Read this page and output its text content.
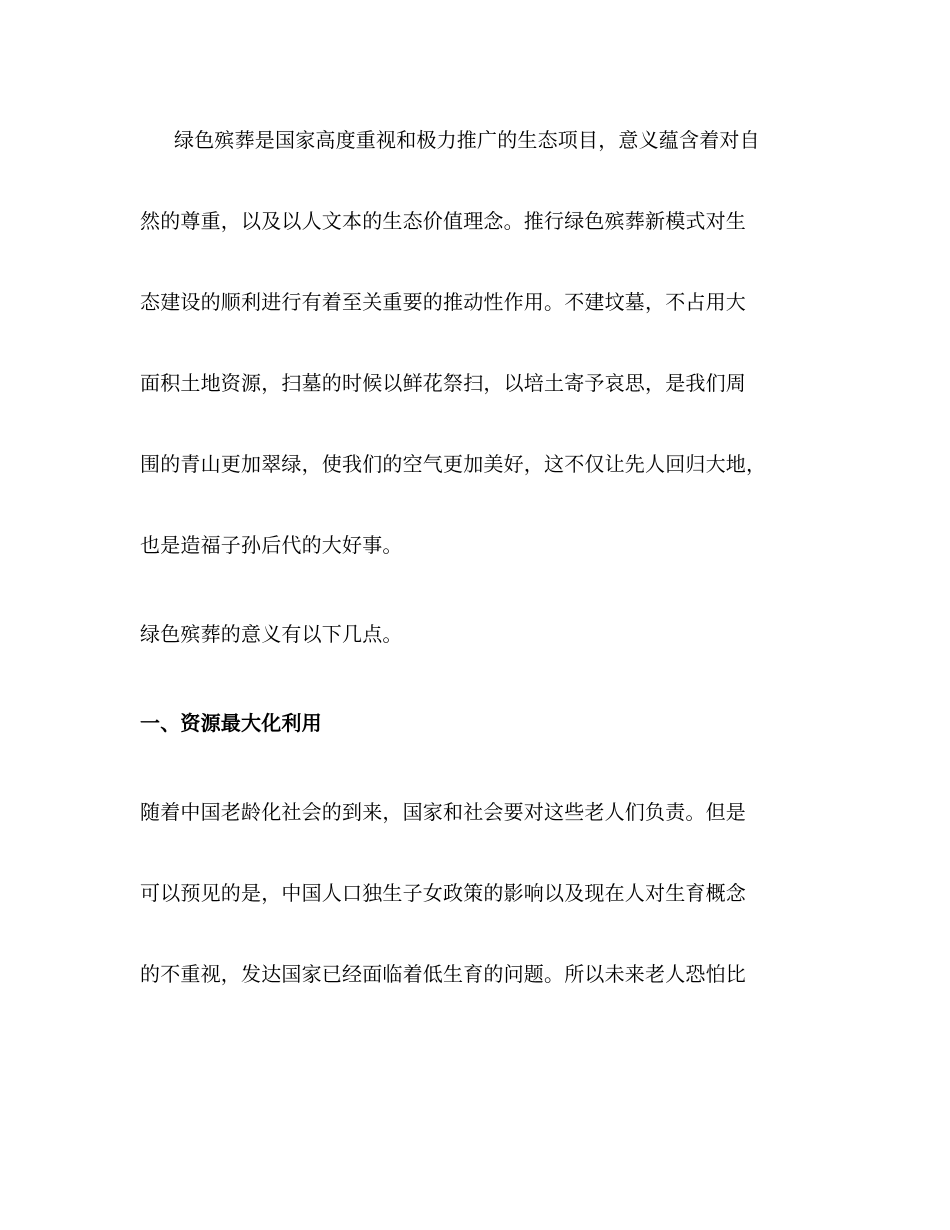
绿色殡葬是国家高度重视和极力推广的生态项目，意义蕴含着对自
然的尊重，以及以人文本的生态价值理念。推行绿色殡葬新模式对生
态建设的顺利进行有着至关重要的推动性作用。不建坟墓，不占用大
面积土地资源，扫墓的时候以鲜花祭扫，以培土寄予哀思，是我们周
围的青山更加翠绿，使我们的空气更加美好，这不仅让先人回归大地，
也是造福子孙后代的大好事。
绿色殡葬的意义有以下几点。
一、资源最大化利用
随着中国老龄化社会的到来，国家和社会要对这些老人们负责。但是
可以预见的是，中国人口独生子女政策的影响以及现在人对生育概念
的不重视，发达国家已经面临着低生育的问题。所以未来老人恐怕比
